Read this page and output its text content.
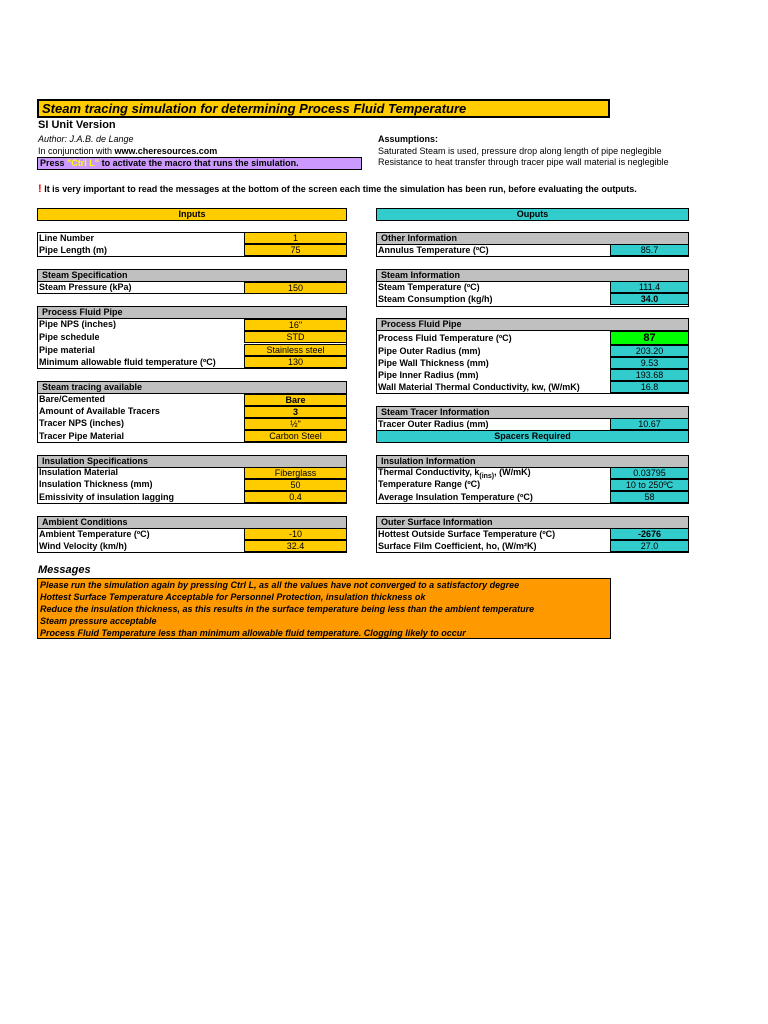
Steam tracing simulation for determining Process Fluid Temperature
SI Unit Version
Author: J.A.B. de Lange
In conjunction with www.cheresources.com
Press "Ctrl L" to activate the macro that runs the simulation.
Assumptions:
Saturated Steam is used, pressure drop along length of pipe neglegible
Resistance to heat transfer through tracer pipe wall material is neglegible
! It is very important to read the messages at the bottom of the screen each time the simulation has been run, before evaluating the outputs.
Inputs	Ouputs
Line Number	1
Pipe Length (m)	75
Steam Specification
Steam Pressure (kPa)	150
Process Fluid Pipe
Pipe NPS (inches)	16"
Pipe schedule	STD
Pipe material	Stainless steel
Minimum allowable fluid temperature (ºC)	130
Steam tracing available
Bare/Cemented	Bare
Amount of Available Tracers	3
Tracer NPS (inches)	½"
Tracer Pipe Material	Carbon Steel
Insulation Specifications
Insulation Material	Fiberglass
Insulation Thickness (mm)	50
Emissivity of insulation lagging	0.4
Ambient Conditions
Ambient Temperature (ºC)	-10
Wind Velocity (km/h)	32.4
Other Information
Annulus Temperature (ºC)	85.7
Steam Information
Steam Temperature (ºC)	111.4
Steam Consumption (kg/h)	34.0
Process Fluid Pipe
Process Fluid Temperature (ºC)	87
Pipe Outer Radius (mm)	203.20
Pipe Wall Thickness (mm)	9.53
Pipe Inner Radius (mm)	193.68
Wall Material Thermal Conductivity, kw, (W/mK)	16.8
Steam Tracer Information
Tracer Outer Radius (mm)	10.67
Spacers Required
Insulation Information
Thermal Conductivity, $k_{(ins)}$, (W/mK)	0.03795
Temperature Range (ºC)	10 to 250ºC
Average Insulation Temperature (ºC)	58
Outer Surface Information
Hottest Outside Surface Temperature (ºC)	-2676
Surface Film Coefficient, ho, (W/m²K)	27.0
Messages
Please run the simulation again by pressing Ctrl L, as all the values have not converged to a satisfactory degree
Hottest Surface Temperature Acceptable for Personnel Protection, insulation thickness ok
Reduce the insulation thickness, as this results in the surface temperature being less than the ambient temperature
Steam pressure acceptable
Process Fluid Temperature less than minimum allowable fluid temperature. Clogging likely to occur
